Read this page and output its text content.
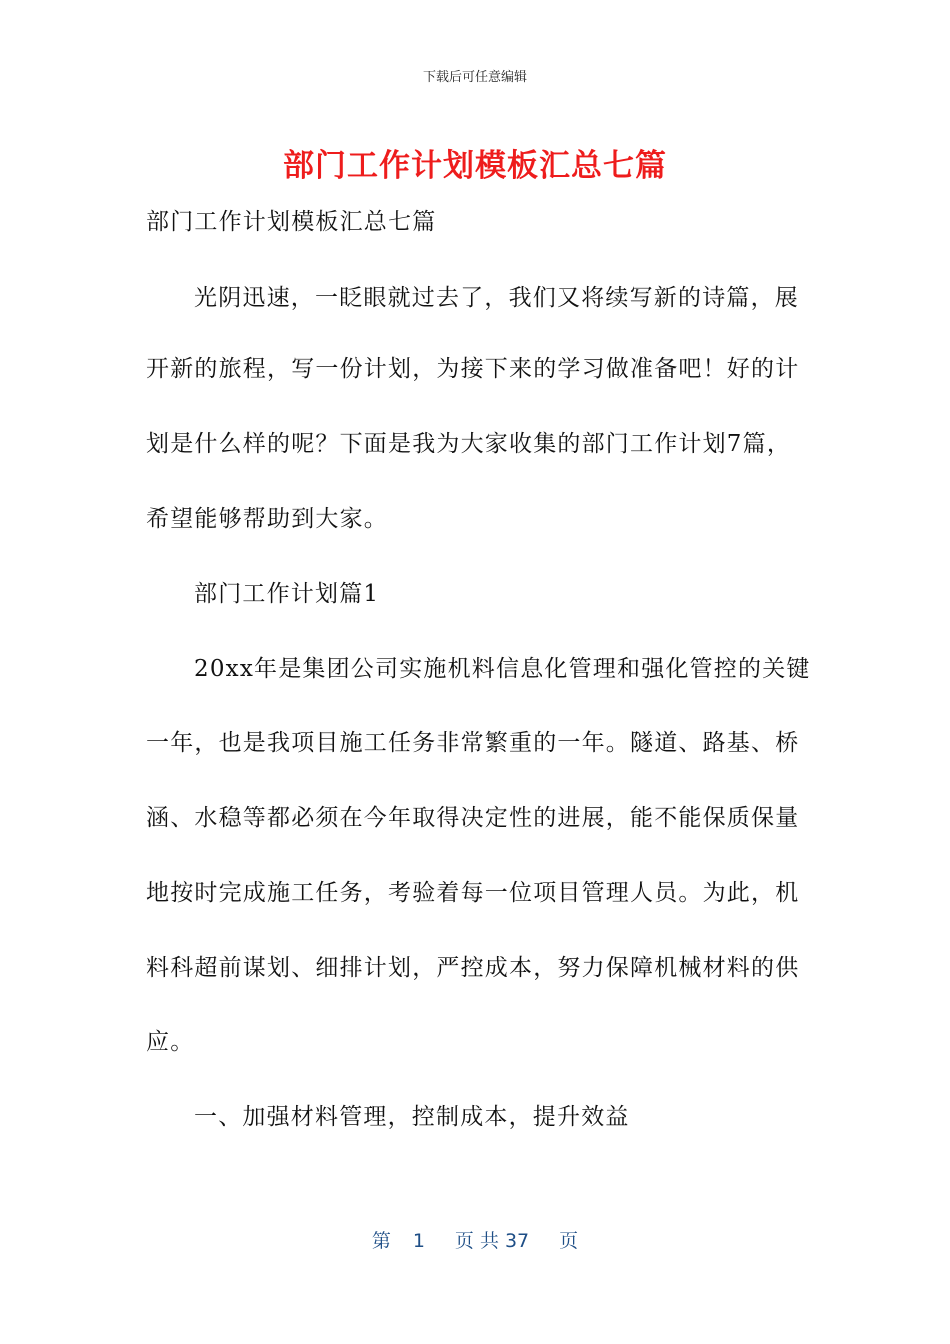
下载后可任意编辑
部门工作计划模板汇总七篇
部门工作计划模板汇总七篇
光阴迅速，一眨眼就过去了，我们又将续写新的诗篇，展
开新的旅程，写一份计划，为接下来的学习做准备吧！好的计
划是什么样的呢？下面是我为大家收集的部门工作计划7篇，
希望能够帮助到大家。
部门工作计划篇1
20xx年是集团公司实施机料信息化管理和强化管控的关键
一年，也是我项目施工任务非常繁重的一年。隧道、路基、桥
涵、水稳等都必须在今年取得决定性的进展，能不能保质保量
地按时完成施工任务，考验着每一位项目管理人员。为此，机
料科超前谋划、细排计划，严控成本，努力保障机械材料的供
应。
一、加强材料管理，控制成本，提升效益
第 1 页 共 37 页
